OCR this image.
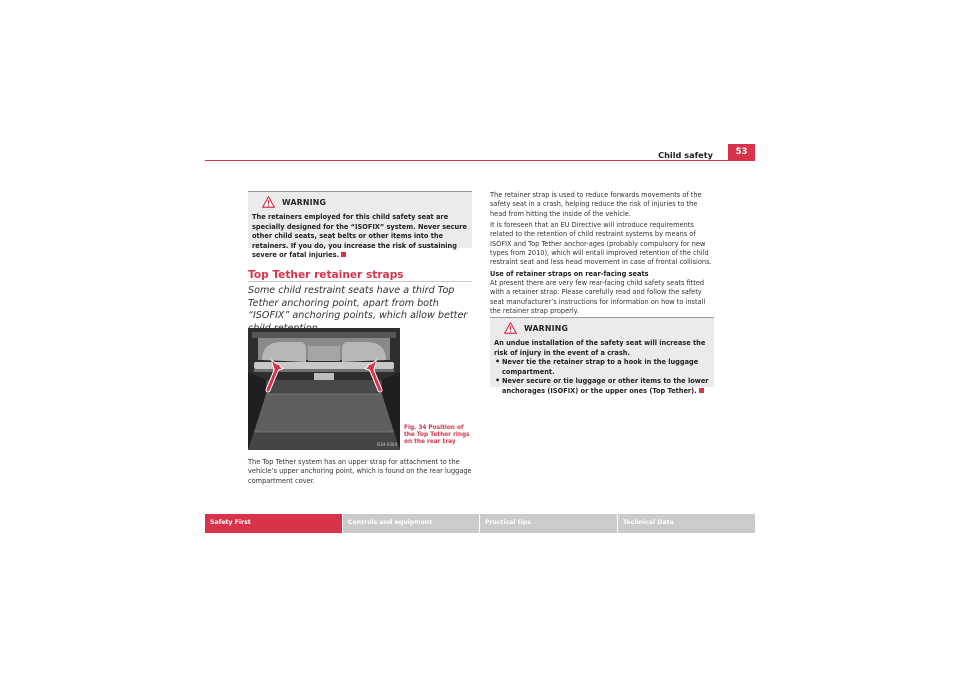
Child safety	53
WARNING
The retainers employed for this child safety seat are specially designed for the “ISOFIX” system. Never secure other child seats, seat belts or other items into the retainers. If you do, you increase the risk of sustaining severe or fatal injuries.
Top Tether retainer straps
Some child restraint seats have a third Top Tether anchoring point, apart from both “ISOFIX” anchoring points, which allow better
B1H-0304
Fig. 34 Position of the Top Tether rings on the rear tray
The Top Tether system has an upper strap for attachment to the vehicle’s upper anchoring point, which is found on the rear luggage compartment cover.

The retainer strap is used to reduce forwards movements of the safety seat in a crash, helping reduce the risk of injuries to the head from hitting the inside of the vehicle.

It is foreseen that an EU Directive will introduce requirements related to the retention of child restraint systems by means of ISOFIX and Top Tether anchor-ages (probably compulsory for new types from 2010), which will entail improved retention of the child restraint seat and less head movement in case of frontal collisions.

Use of retainer straps on rear-facing seats

At present there are very few rear-facing child safety seats fitted with a retainer strap. Please carefully read and follow the safety seat manufacturer’s instructions for information on how to install the retainer strap properly.

WARNING
An undue installation of the safety seat will increase the risk of injury in the event of a crash.
• Never tie the retainer strap to a hook in the luggage compartment.
• Never secure or tie luggage or other items to the lower anchorages (ISOFIX) or the upper ones (Top Tether).
Safety First	Controls and equipment	Practical tips	Technical Data
